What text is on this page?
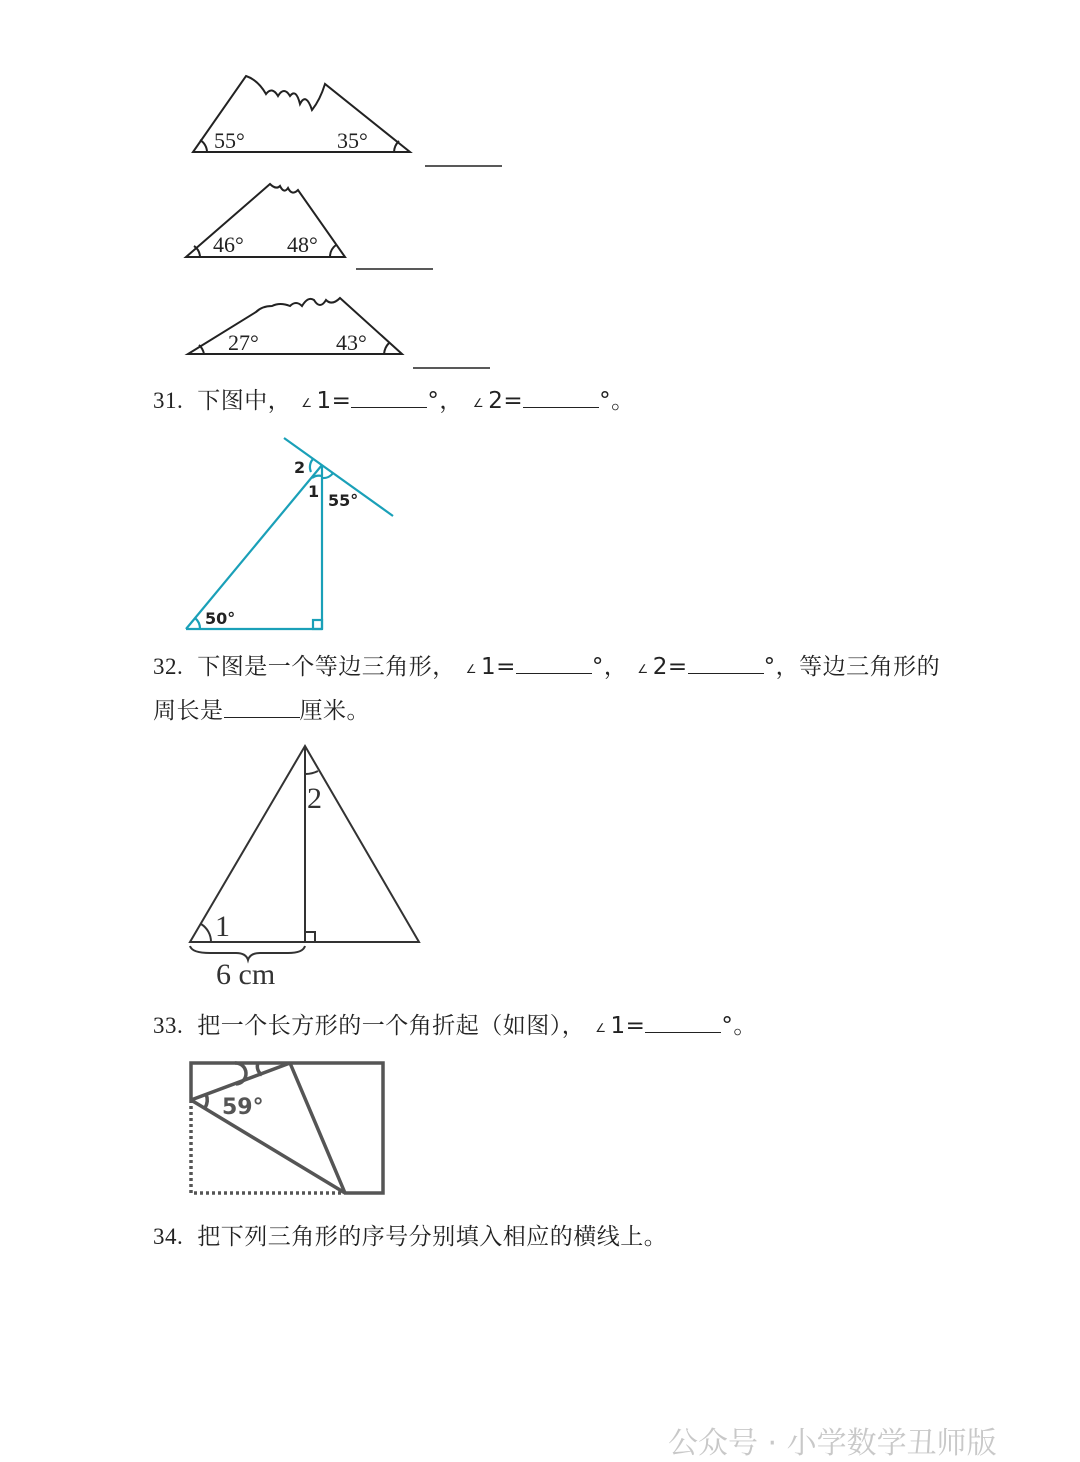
55°	35°
46° 48°
27°	43°
31. 下图中， ∠ 1=	°， ∠ 2=	°。
2
1 55°
50°
32. 下图是一个等边三角形， ∠ 1=	°， ∠ 2=	°，等边三角形的
周长是	厘米。
2
1
6 cm
33. 把一个长方形的一个角折起（如图）， ∠ 1=	°。
59°
34. 把下列三角形的序号分别填入相应的横线上。
公众号 · 小学数学丑师版
